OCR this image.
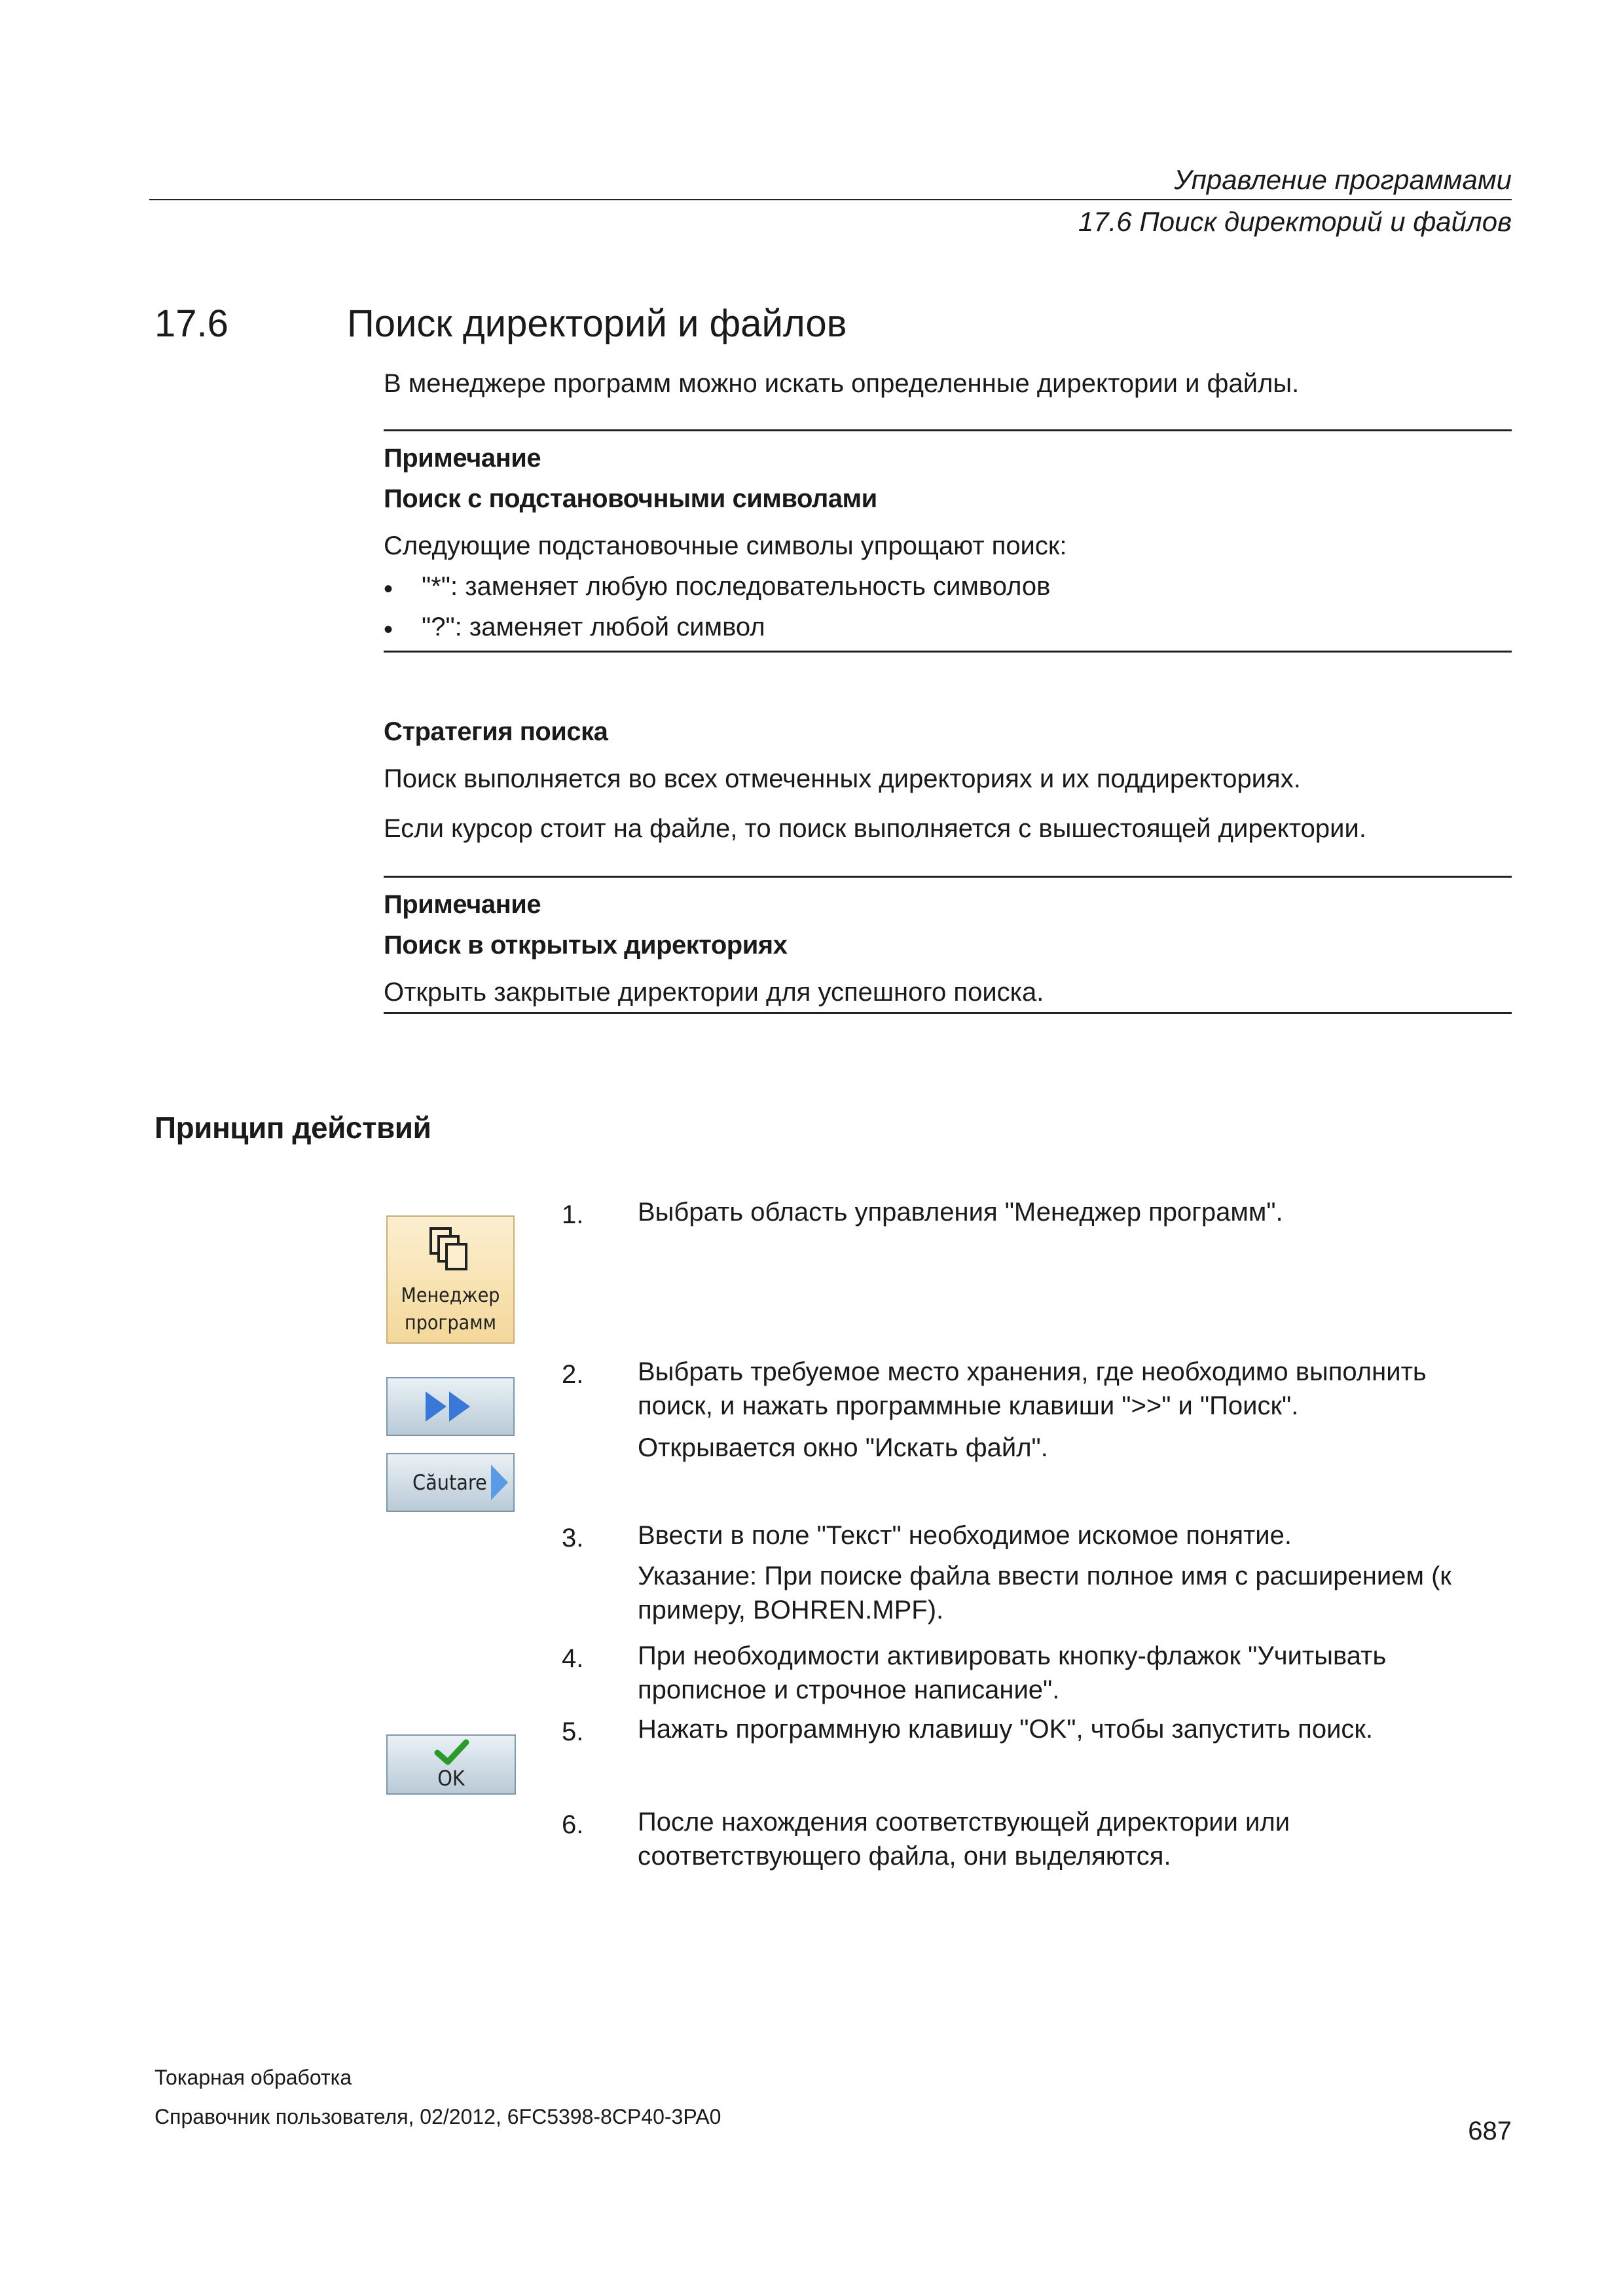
Управление программами
17.6 Поиск директорий и файлов
17.6	Поиск директорий и файлов
В менеджере программ можно искать определенные директории и файлы.
Примечание
Поиск с подстановочными символами
Следующие подстановочные символы упрощают поиск:
• "*": заменяет любую последовательность символов
• "?": заменяет любой символ
Стратегия поиска
Поиск выполняется во всех отмеченных директориях и их поддиректориях.
Если курсор стоит на файле, то поиск выполняется с вышестоящей директории.
Примечание
Поиск в открытых директориях
Открыть закрытые директории для успешного поиска.
Принцип действий
Менеджер
программ
Căutare
OK
1. Выбрать область управления "Менеджер программ".
2. Выбрать требуемое место хранения, где необходимо выполнить
поиск, и нажать программные клавиши ">>" и "Поиск".
Открывается окно "Искать файл".
3. Ввести в поле "Текст" необходимое искомое понятие.
Указание: При поиске файла ввести полное имя с расширением (к
примеру, BOHREN.MPF).
4. При необходимости активировать кнопку-флажок "Учитывать
прописное и строчное написание".
5. Нажать программную клавишу "OK", чтобы запустить поиск.
6. После нахождения соответствующей директории или
соответствующего файла, они выделяются.
Токарная обработка
Справочник пользователя, 02/2012, 6FC5398-8CP40-3PA0	687
